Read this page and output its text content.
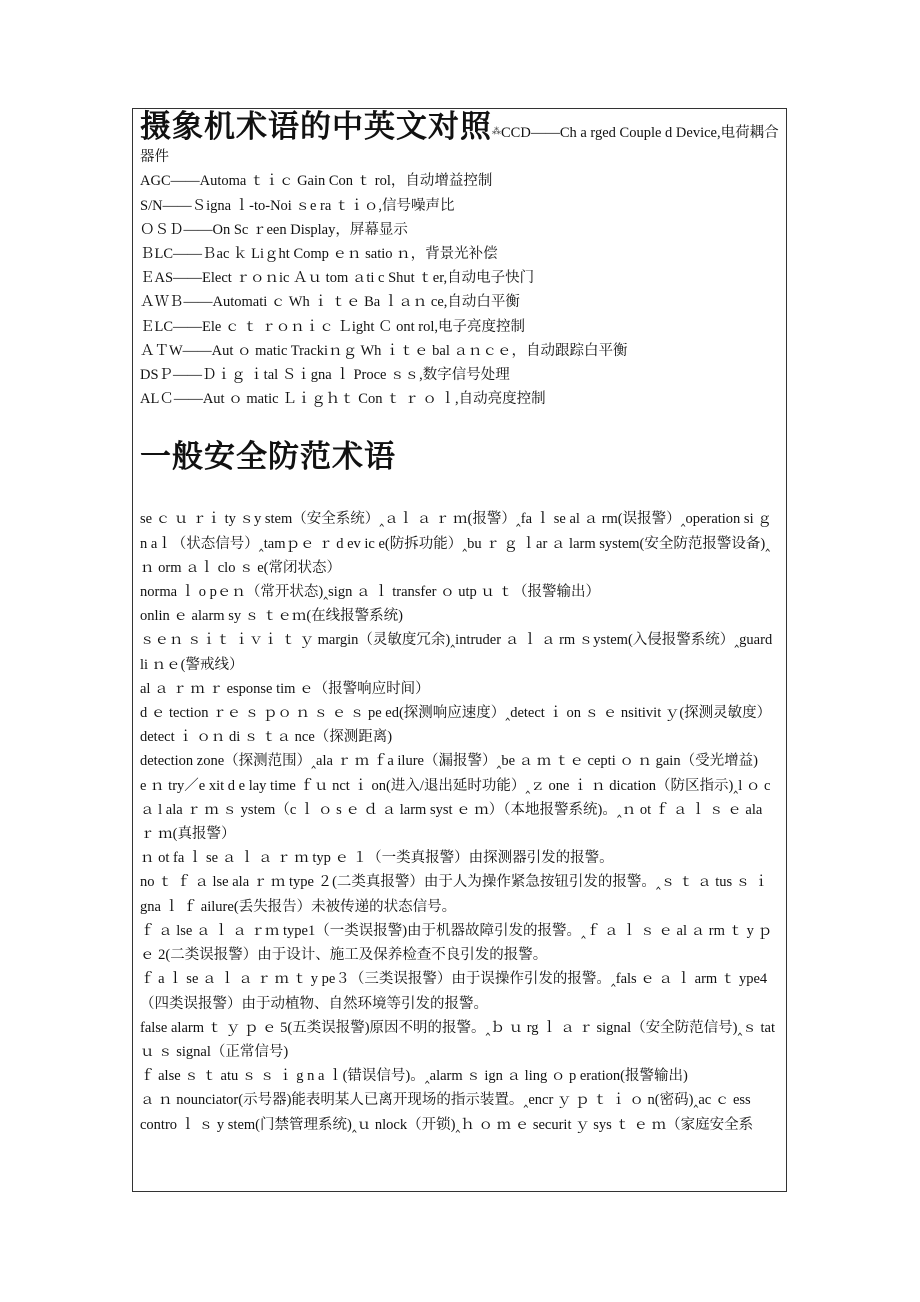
摄象机术语的中英文对照⁂CCD——Ch a rged Couple d Device,电荷耦合器件
AGC——Automa ｔｉｃ Gain Con ｔ rol，自动增益控制
S/N——Ｓigna ｌ-to-Noi ｓe ra ｔｉｏ,信号噪声比
ＯＳＤ——On Sc ｒeen Display，屏幕显示
ＢLC——Ｂac ｋ Liｇht Comp ｅｎ satio ｎ，背景光补偿
ＥAS——Elect ｒｏｎic Ａｕ tom ａti c Shut ｔer,自动电子快门
ＡＷＢ——Automati ｃ Wh ｉ ｔｅ Ba ｌａｎ ce,自动白平衡
ＥLC——Ele ｃ ｔ ｒｏｎｉｃ Ｌight Ｃ ont rol,电子亮度控制
ＡＴW——Aut ｏ matic Trackiｎｇ Wh ｉｔｅ bal ａｎｃｅ，自动跟踪白平衡
DSＰ——Ｄｉｇ ｉtal Ｓｉgna ｌ Proce ｓｓ,数字信号处理
ALＣ——Aut ｏ matic Ｌｉｇｈｔ Con ｔ ｒ ｏ ｌ,自动亮度控制
一般安全防范术语

se ｃ ｕ ｒｉ ty ｓy stem（安全系统）‸ａｌ ａ ｒ ｍ(报警）‸fa ｌ se al ａ rm(误报警）‸operation si ｇ n aｌ（状态信号）‸tamｐｅ ｒ d ev ic e(防拆功能）‸bu ｒ ｇ ｌar ａ larm system(安全防范报警设备)‸ｎ orm ａｌ clo ｓ e(常闭状态）

norma ｌ o pｅｎ（常开状态)‸sign ａ ｌ transfer ｏ utp ｕ ｔ（报警输出）

onlin ｅ alarm sy ｓ ｔｅｍ(在线报警系统)

ｓｅｎ ｓｉｔ ｉｖｉ ｔ ｙ margin（灵敏度冗余)‸intruder ａ ｌ ａ rm ｓystem(入侵报警系统）‸guard li ｎｅ(警戒线）

al ａ ｒ ｍ ｒ esponse tim ｅ（报警响应时间）

d ｅ tection ｒｅ ｓ ｐｏ ｎ ｓ ｅ ｓ pe ed(探测响应速度）‸detect ｉ on ｓ ｅ nsitivit ｙ(探测灵敏度）

detect ｉ ｏｎ di ｓ ｔａ nce（探测距离)

detection zone（探测范围）‸ala ｒ ｍ ｆa ilure（漏报警）‸be ａ ｍ ｔｅ cepti ｏ ｎ gain（受光增益)

e ｎ try／e xit d e lay time ｆｕ nct ｉ on(进入/退出延时功能）‸ｚ one ｉ ｎ dication（防区指示)‸l ｏ c ａ l ala ｒ ｍ ｓ ystem（c ｌ ｏ s ｅ ｄ ａ larm syst ｅ ｍ）（本地报警系统)。‸ｎ ot ｆ ａ ｌ ｓ ｅ ala ｒ ｍ(真报警）

ｎ ot fa ｌ se ａ ｌ ａ ｒ ｍ typ ｅ １（一类真报警）由探测器引发的报警。

no ｔ ｆ ａ lse ala ｒ ｍ type ２(二类真报警）由于人为操作紧急按钮引发的报警。‸ｓ ｔ ａ tus ｓ ｉgna ｌ ｆ ailure(丢失报告）未被传递的状态信号。

ｆ ａ lse ａ ｌ ａ ｒｍ type1（一类误报警)由于机器故障引发的报警。‸ｆ ａ ｌ ｓ ｅ al ａ rm ｔ y ｐ ｅ 2(二类误报警）由于设计、施工及保养检查不良引发的报警。

ｆ a ｌ se ａ ｌ ａ ｒ ｍ ｔ y pe３（三类误报警）由于误操作引发的报警。‸fals ｅ ａ ｌ arm ｔ ype4（四类误报警）由于动植物、自然环境等引发的报警。

false alarm ｔ ｙ ｐ ｅ 5(五类误报警)原因不明的报警。‸ｂ ｕ rg ｌ ａ ｒ signal（安全防范信号)‸ｓ tat ｕ ｓ signal（正常信号)

ｆ alse ｓ ｔ atu ｓ ｓ ｉ g n a ｌ(错误信号)。‸alarm ｓ ign ａ ling ｏ p eration(报警输出)

ａ ｎ nounciator(示号器)能表明某人已离开现场的指示装置。‸encr ｙ ｐ ｔ ｉ ｏ n(密码)‸ac ｃ ess contro ｌ ｓ y stem(门禁管理系统)‸ｕ nlock（开锁)‸ｈ ｏ ｍ ｅ securit ｙ sys ｔ ｅ ｍ（家庭安全系
